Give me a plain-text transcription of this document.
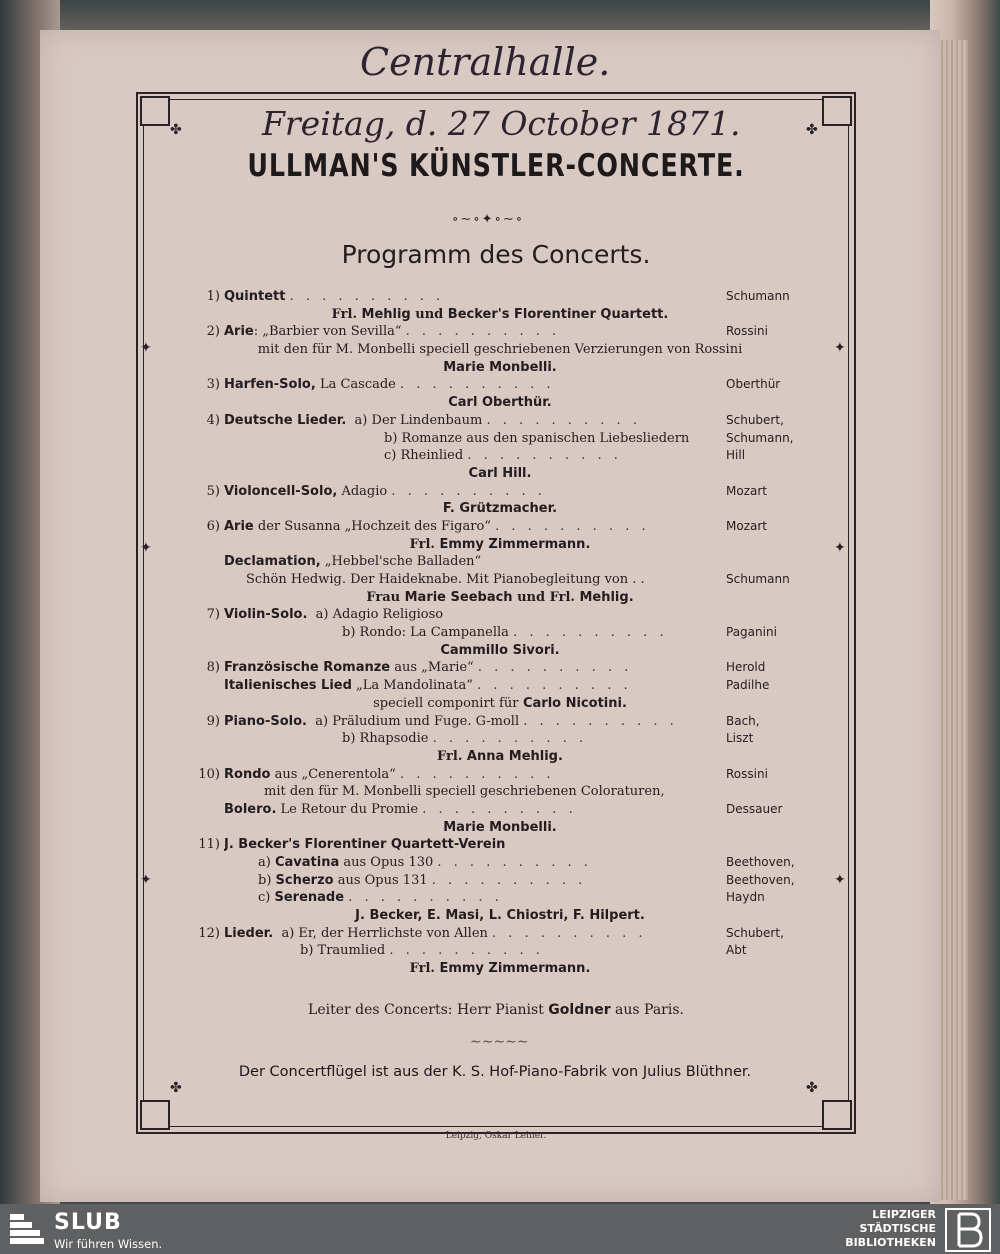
Centralhalle.
Freitag, d. 27 October 1871.
✤	✤
✦	✦
✦	✦
✦	✦
✤	✤
ULLMAN'S KÜNSTLER-CONCERTE.
∘∼∘✦∘∼∘
Programm des Concerts.
1) Quintett . . . . . . . . . .	Schumann
Frl. Mehlig und Becker's Florentiner Quartett.
2) Arie: „Barbier von Sevilla“ . . . . . . . . . .	Rossini
mit den für M. Monbelli speciell geschriebenen Verzierungen von Rossini
Marie Monbelli.
3) Harfen-Solo, La Cascade . . . . . . . . . .	Oberthür
Carl Oberthür.
4) Deutsche Lieder.  a) Der Lindenbaum . . . . . . . . . .	Schubert,
b) Romanze aus den spanischen Liebesliedern	Schumann,
c) Rheinlied . . . . . . . . . .	Hill
Carl Hill.
5) Violoncell-Solo, Adagio . . . . . . . . . .	Mozart
F. Grützmacher.
6) Arie der Susanna „Hochzeit des Figaro“ . . . . . . . . . .	Mozart
Frl. Emmy Zimmermann.
Declamation, „Hebbel'sche Balladen“
Schön Hedwig. Der Haideknabe. Mit Pianobegleitung von . .	Schumann
Frau Marie Seebach und Frl. Mehlig.
7) Violin-Solo.  a) Adagio Religioso
b) Rondo: La Campanella . . . . . . . . . .	Paganini
Cammillo Sivori.
8) Französische Romanze aus „Marie“ . . . . . . . . . .	Herold
Italienisches Lied „La Mandolinata“ . . . . . . . . . .	Padilhe
speciell componirt für Carlo Nicotini.
9) Piano-Solo.  a) Präludium und Fuge. G-moll . . . . . . . . . .	Bach,
b) Rhapsodie . . . . . . . . . .	Liszt
Frl. Anna Mehlig.
10) Rondo aus „Cenerentola“ . . . . . . . . . .	Rossini
mit den für M. Monbelli speciell geschriebenen Coloraturen,
Bolero. Le Retour du Promie . . . . . . . . . .	Dessauer
Marie Monbelli.
11) J. Becker's Florentiner Quartett-Verein
a) Cavatina aus Opus 130 . . . . . . . . . .	Beethoven,
b) Scherzo aus Opus 131 . . . . . . . . . .	Beethoven,
c) Serenade . . . . . . . . . .	Haydn
J. Becker, E. Masi, L. Chiostri, F. Hilpert.
12) Lieder.  a) Er, der Herrlichste von Allen . . . . . . . . . .	Schubert,
b) Traumlied . . . . . . . . . .	Abt
Frl. Emmy Zimmermann.
Leiter des Concerts: Herr Pianist Goldner aus Paris.
∼∼∼∼∼
Der Concertflügel ist aus der K. S. Hof-Piano-Fabrik von Julius Blüthner.
Leipzig, Oskar Leiner.
SLUB
Wir führen Wissen.
LEIPZIGER
STÄDTISCHE
BIBLIOTHEKEN
